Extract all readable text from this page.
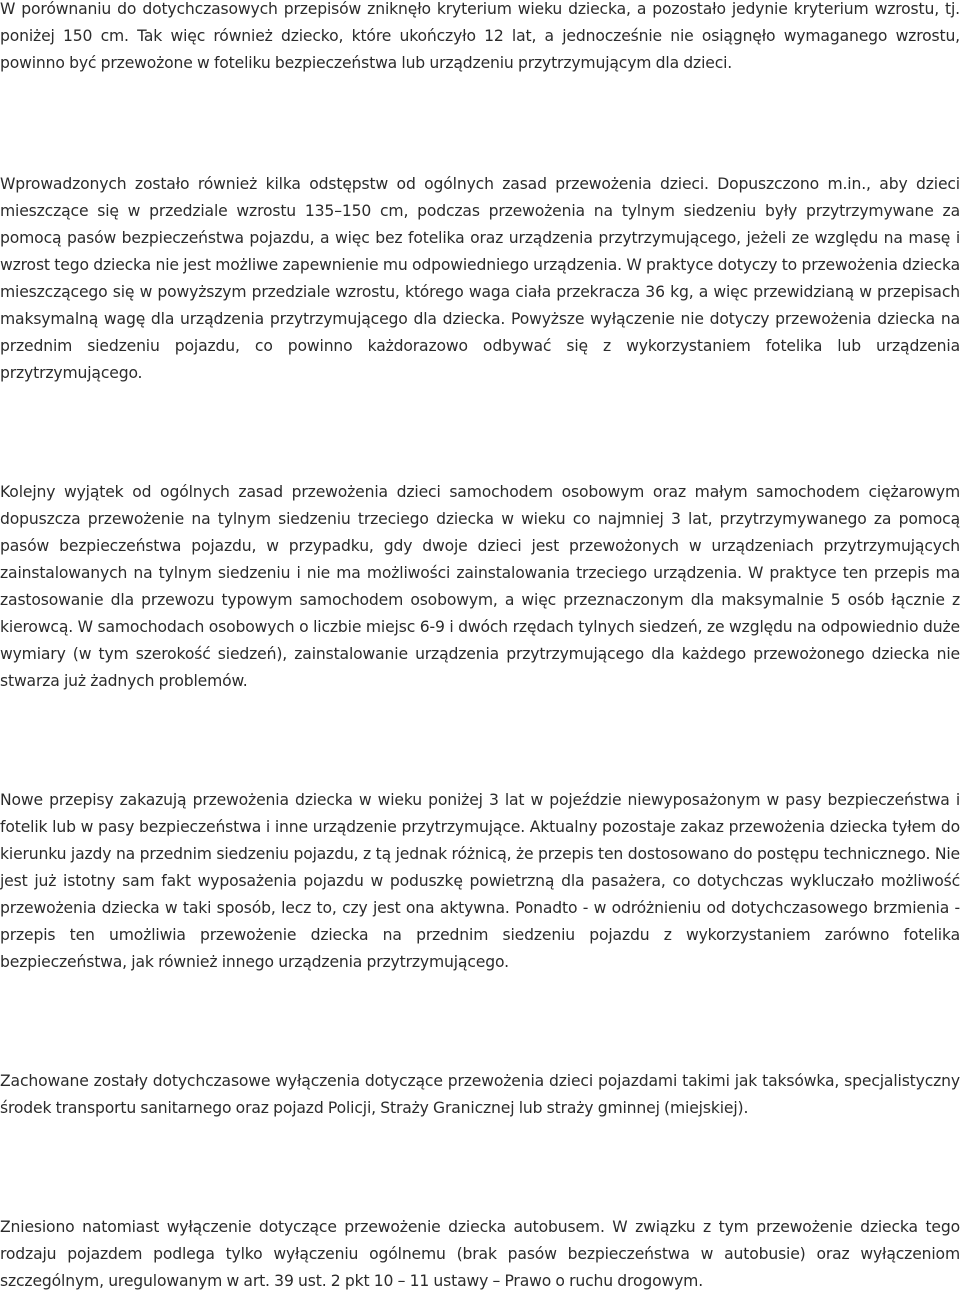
W porównaniu do dotychczasowych przepisów zniknęło kryterium wieku dziecka, a pozostało jedynie kryterium wzrostu, tj. poniżej 150 cm. Tak więc również dziecko, które ukończyło 12 lat, a jednocześnie nie osiągnęło wymaganego wzrostu, powinno być przewożone w foteliku bezpieczeństwa lub urządzeniu przytrzymującym dla dzieci.

Wprowadzonych zostało również kilka odstępstw od ogólnych zasad przewożenia dzieci. Dopuszczono m.in., aby dzieci mieszczące się w przedziale wzrostu 135–150 cm, podczas przewożenia na tylnym siedzeniu były przytrzymywane za pomocą pasów bezpieczeństwa pojazdu, a więc bez fotelika oraz urządzenia przytrzymującego, jeżeli ze względu na masę i wzrost tego dziecka nie jest możliwe zapewnienie mu odpowiedniego urządzenia. W praktyce dotyczy to przewożenia dziecka mieszczącego się w powyższym przedziale wzrostu, którego waga ciała przekracza 36 kg, a więc przewidzianą w przepisach maksymalną wagę dla urządzenia przytrzymującego dla dziecka. Powyższe wyłączenie nie dotyczy przewożenia dziecka na przednim siedzeniu pojazdu, co powinno każdorazowo odbywać się z wykorzystaniem fotelika lub urządzenia przytrzymującego.

Kolejny wyjątek od ogólnych zasad przewożenia dzieci samochodem osobowym oraz małym samochodem ciężarowym dopuszcza przewożenie na tylnym siedzeniu trzeciego dziecka w wieku co najmniej 3 lat, przytrzymywanego za pomocą pasów bezpieczeństwa pojazdu, w przypadku, gdy dwoje dzieci jest przewożonych w urządzeniach przytrzymujących zainstalowanych na tylnym siedzeniu i nie ma możliwości zainstalowania trzeciego urządzenia. W praktyce ten przepis ma zastosowanie dla przewozu typowym samochodem osobowym, a więc przeznaczonym dla maksymalnie 5 osób łącznie z kierowcą. W samochodach osobowych o liczbie miejsc 6-9 i dwóch rzędach tylnych siedzeń, ze względu na odpowiednio duże wymiary (w tym szerokość siedzeń), zainstalowanie urządzenia przytrzymującego dla każdego przewożonego dziecka nie stwarza już żadnych problemów.

Nowe przepisy zakazują przewożenia dziecka w wieku poniżej 3 lat w pojeździe niewyposażonym w pasy bezpieczeństwa i fotelik lub w pasy bezpieczeństwa i inne urządzenie przytrzymujące. Aktualny pozostaje zakaz przewożenia dziecka tyłem do kierunku jazdy na przednim siedzeniu pojazdu, z tą jednak różnicą, że przepis ten dostosowano do postępu technicznego. Nie jest już istotny sam fakt wyposażenia pojazdu w poduszkę powietrzną dla pasażera, co dotychczas wykluczało możliwość przewożenia dziecka w taki sposób, lecz to, czy jest ona aktywna. Ponadto - w odróżnieniu od dotychczasowego brzmienia - przepis ten umożliwia przewożenie dziecka na przednim siedzeniu pojazdu z wykorzystaniem zarówno fotelika bezpieczeństwa, jak również innego urządzenia przytrzymującego.

Zachowane zostały dotychczasowe wyłączenia dotyczące przewożenia dzieci pojazdami takimi jak taksówka, specjalistyczny środek transportu sanitarnego oraz pojazd Policji, Straży Granicznej lub straży gminnej (miejskiej).

Zniesiono natomiast wyłączenie dotyczące przewożenie dziecka autobusem. W związku z tym przewożenie dziecka tego rodzaju pojazdem podlega tylko wyłączeniu ogólnemu (brak pasów bezpieczeństwa w autobusie) oraz wyłączeniom szczególnym, uregulowanym w art. 39 ust. 2 pkt 10 – 11 ustawy – Prawo o ruchu drogowym.
